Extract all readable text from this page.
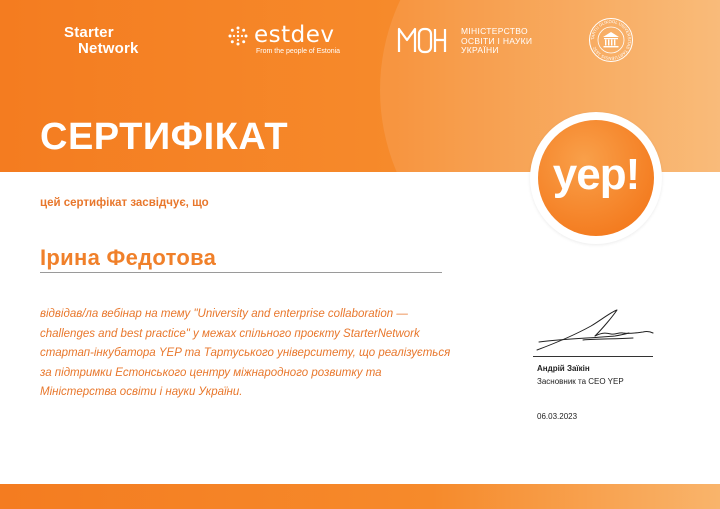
Starter
Network
estdev
From the people of Estonia
МІНІСТЕРСТВО
ОСВІТИ І НАУКИ
УКРАЇНИ
TARTU ÜLIKOOL UNIVERSITAS TARTUENSIS 1632
СЕРТИФІКАТ
yep!
цей сертифікат засвідчує, що
Ірина Федотова
відвідав/ла вебінар на тему "University and enterprise collaboration — challenges and best practice" у межах спільного проєкту StarterNetwork стартап-інкубатора YEP та Тартуського університету, що реалізується за підтримки Естонського центру міжнародного розвитку та Міністерства освіти і науки України.
Андрій Заїкін
Засновник та CEO YEP
06.03.2023
